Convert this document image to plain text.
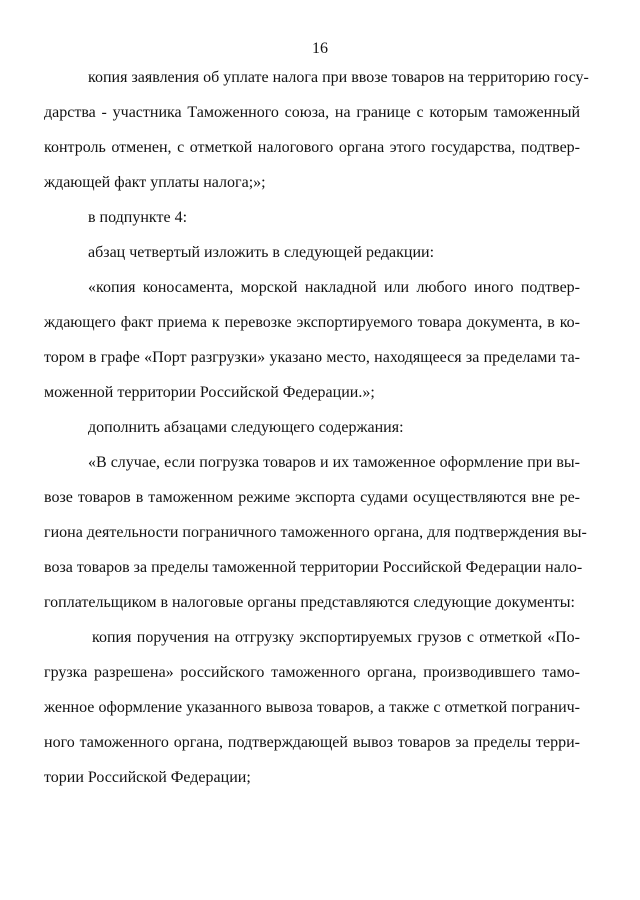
16
копия заявления об уплате налога при ввозе товаров на территорию госу-
дарства - участника Таможенного союза, на границе с которым таможенный
контроль отменен, с отметкой налогового органа этого государства, подтвер-
ждающей факт уплаты налога;»;
в подпункте 4:
абзац четвертый изложить в следующей редакции:
«копия коносамента, морской накладной или любого иного подтвер-
ждающего факт приема к перевозке экспортируемого товара документа, в ко-
тором в графе «Порт разгрузки» указано место, находящееся за пределами та-
моженной территории Российской Федерации.»;
дополнить абзацами следующего содержания:
«В случае, если погрузка товаров и их таможенное оформление при вы-
возе товаров в таможенном режиме экспорта судами осуществляются вне ре-
гиона деятельности пограничного таможенного органа, для подтверждения вы-
воза товаров за пределы таможенной территории Российской Федерации нало-
гоплательщиком в налоговые органы представляются следующие документы:
копия поручения на отгрузку экспортируемых грузов с отметкой «По-
грузка разрешена» российского таможенного органа, производившего тамо-
женное оформление указанного вывоза товаров, а также с отметкой погранич-
ного таможенного органа, подтверждающей вывоз товаров за пределы терри-
тории Российской Федерации;
